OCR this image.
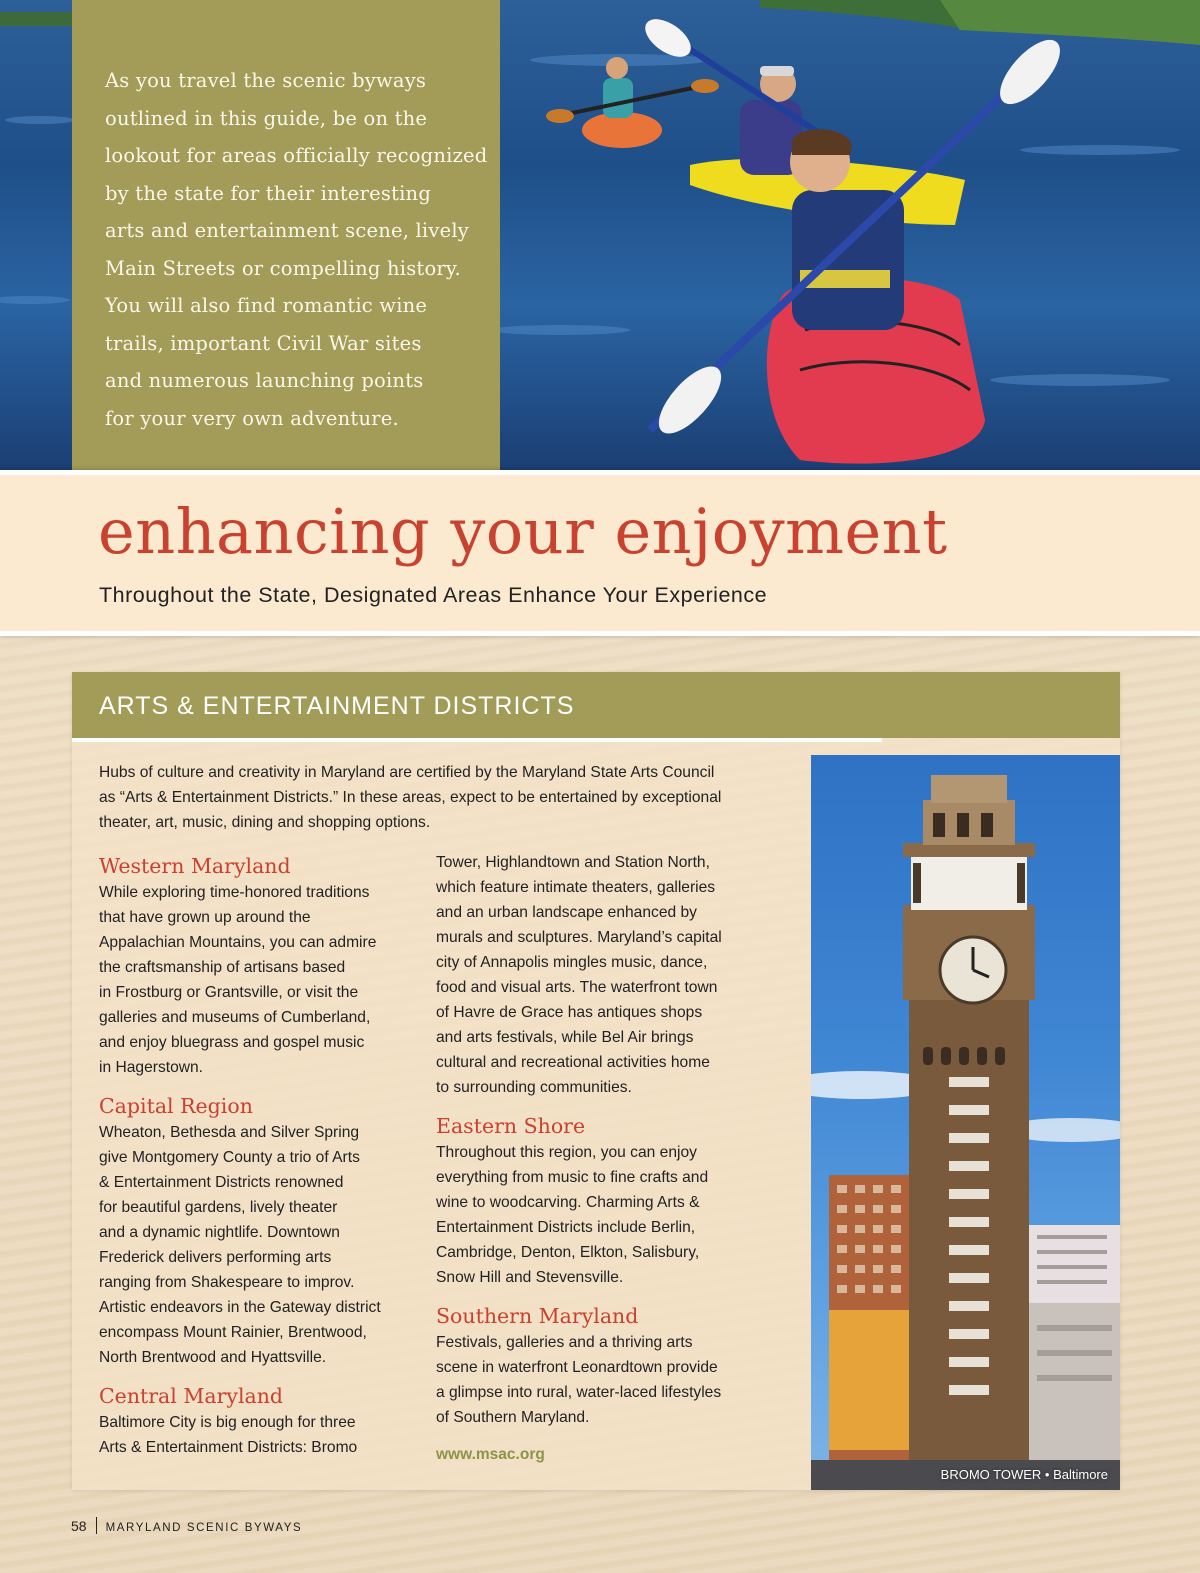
As you travel the scenic byways
outlined in this guide, be on the
lookout for areas officially recognized
by the state for their interesting
arts and entertainment scene, lively
Main Streets or compelling history.
You will also find romantic wine
trails, important Civil War sites
and numerous launching points
for your very own adventure.
enhancing your enjoyment
Throughout the State, Designated Areas Enhance Your Experience
ARTS & ENTERTAINMENT DISTRICTS
Hubs of culture and creativity in Maryland are certified by the Maryland State Arts Council
as “Arts & Entertainment Districts.” In these areas, expect to be entertained by exceptional
theater, art, music, dining and shopping options.
Western Maryland
While exploring time-honored traditions
that have grown up around the
Appalachian Mountains, you can admire
the craftsmanship of artisans based
in Frostburg or Grantsville, or visit the
galleries and museums of Cumberland,
and enjoy bluegrass and gospel music
in Hagerstown.
Capital Region
Wheaton, Bethesda and Silver Spring
give Montgomery County a trio of Arts
& Entertainment Districts renowned
for beautiful gardens, lively theater
and a dynamic nightlife. Downtown
Frederick delivers performing arts
ranging from Shakespeare to improv.
Artistic endeavors in the Gateway district
encompass Mount Rainier, Brentwood,
North Brentwood and Hyattsville.
Central Maryland
Baltimore City is big enough for three
Arts & Entertainment Districts: Bromo
Tower, Highlandtown and Station North,
which feature intimate theaters, galleries
and an urban landscape enhanced by
murals and sculptures. Maryland’s capital
city of Annapolis mingles music, dance,
food and visual arts. The waterfront town
of Havre de Grace has antiques shops
and arts festivals, while Bel Air brings
cultural and recreational activities home
to surrounding communities.
Eastern Shore
Throughout this region, you can enjoy
everything from music to fine crafts and
wine to woodcarving. Charming Arts &
Entertainment Districts include Berlin,
Cambridge, Denton, Elkton, Salisbury,
Snow Hill and Stevensville.
Southern Maryland
Festivals, galleries and a thriving arts
scene in waterfront Leonardtown provide
a glimpse into rural, water-laced lifestyles
of Southern Maryland.
www.msac.org
BROMO TOWER • Baltimore
58 MARYLAND SCENIC BYWAYS
